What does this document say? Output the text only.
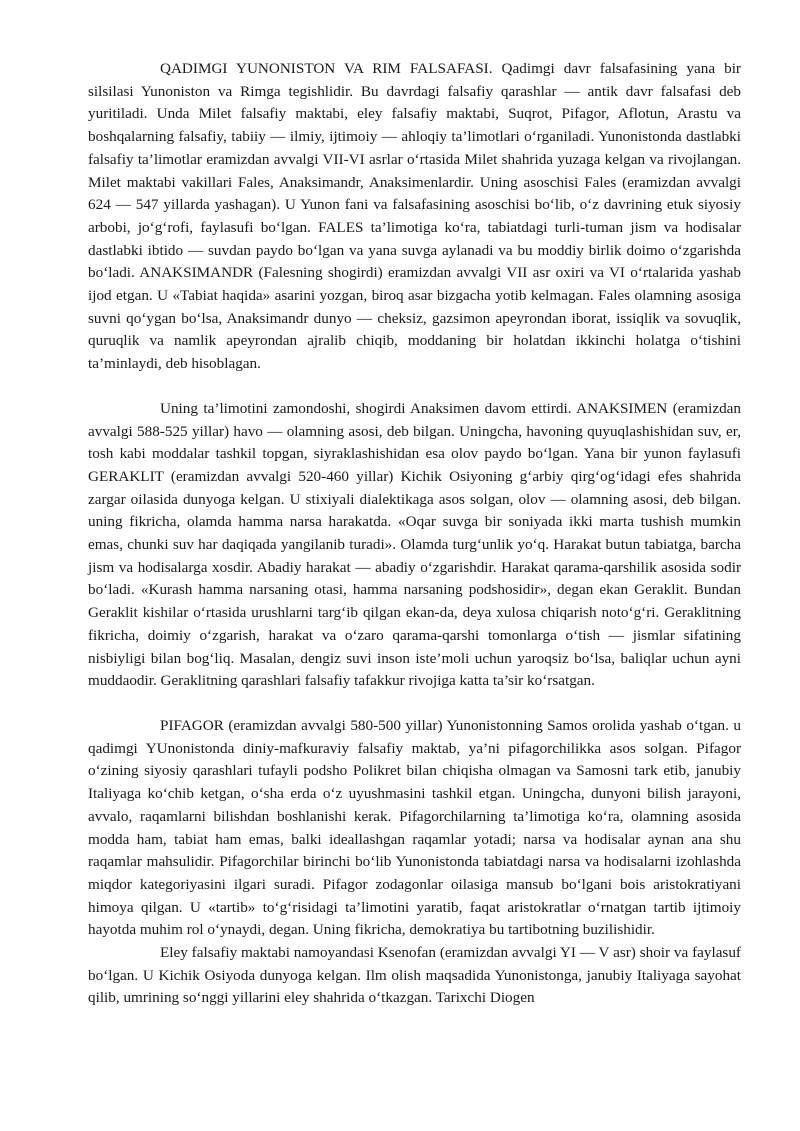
QADIMGI YUNONISTON VA RIM FALSAFASI. Qadimgi davr falsafasining yana bir silsilasi Yunoniston va Rimga tegishlidir. Bu davrdagi falsafiy qarashlar — antik davr falsafasi deb yuritiladi. Unda Milet falsafiy maktabi, eley falsafiy maktabi, Suqrot, Pifagor, Aflotun, Arastu va boshqalarning falsafiy, tabiiy — ilmiy, ijtimoiy — ahloqiy ta’limotlari o‘rganiladi. Yunonistonda dastlabki falsafiy ta’limotlar eramizdan avvalgi VII-VI asrlar o‘rtasida Milet shahrida yuzaga kelgan va rivojlangan. Milet maktabi vakillari Fales, Anaksimandr, Anaksimenlardir. Uning asoschisi Fales (eramizdan avvalgi 624 — 547 yillarda yashagan). U Yunon fani va falsafasining asoschisi bo‘lib, o‘z davrining etuk siyosiy arbobi, jo‘g‘rofi, faylasufi bo‘lgan. FALES ta’limotiga ko‘ra, tabiatdagi turli-tuman jism va hodisalar dastlabki ibtido — suvdan paydo bo‘lgan va yana suvga aylanadi va bu moddiy birlik doimo o‘zgarishda bo‘ladi. ANAKSIMANDR (Falesning shogirdi) eramizdan avvalgi VII asr oxiri va VI o‘rtalarida yashab ijod etgan. U «Tabiat haqida» asarini yozgan, biroq asar bizgacha yotib kelmagan. Fales olamning asosiga suvni qo‘ygan bo‘lsa, Anaksimandr dunyo — cheksiz, gazsimon apeyrondan iborat, issiqlik va sovuqlik, quruqlik va namlik apeyrondan ajralib chiqib, moddaning bir holatdan ikkinchi holatga o‘tishini ta’minlaydi, deb hisoblagan.

Uning ta’limotini zamondoshi, shogirdi Anaksimen davom ettirdi. ANAKSIMEN (eramizdan avvalgi 588-525 yillar) havo — olamning asosi, deb bilgan. Uningcha, havoning quyuqlashishidan suv, er, tosh kabi moddalar tashkil topgan, siyraklashishidan esa olov paydo bo‘lgan. Yana bir yunon faylasufi GERAKLIT (eramizdan avvalgi 520-460 yillar) Kichik Osiyoning g‘arbiy qirg‘og‘idagi efes shahrida zargar oilasida dunyoga kelgan. U stixiyali dialektikaga asos solgan, olov — olamning asosi, deb bilgan. uning fikricha, olamda hamma narsa harakatda. «Oqar suvga bir soniyada ikki marta tushish mumkin emas, chunki suv har daqiqada yangilanib turadi». Olamda turg‘unlik yo‘q. Harakat butun tabiatga, barcha jism va hodisalarga xosdir. Abadiy harakat — abadiy o‘zgarishdir. Harakat qarama-qarshilik asosida sodir bo‘ladi. «Kurash hamma narsaning otasi, hamma narsaning podshosidir», degan ekan Geraklit. Bundan Geraklit kishilar o‘rtasida urushlarni targ‘ib qilgan ekan-da, deya xulosa chiqarish noto‘g‘ri. Geraklitning fikricha, doimiy o‘zgarish, harakat va o‘zaro qarama-qarshi tomonlarga o‘tish — jismlar sifatining nisbiyligi bilan bog‘liq. Masalan, dengiz suvi inson iste’moli uchun yaroqsiz bo‘lsa, baliqlar uchun ayni muddaodir. Geraklitning qarashlari falsafiy tafakkur rivojiga katta ta’sir ko‘rsatgan.

PIFAGOR (eramizdan avvalgi 580-500 yillar) Yunonistonning Samos orolida yashab o‘tgan. u qadimgi YUnonistonda diniy-mafkuraviy falsafiy maktab, ya’ni pifagorchilikka asos solgan. Pifagor o‘zining siyosiy qarashlari tufayli podsho Polikret bilan chiqisha olmagan va Samosni tark etib, janubiy Italiyaga ko‘chib ketgan, o‘sha erda o‘z uyushmasini tashkil etgan. Uningcha, dunyoni bilish jarayoni, avvalo, raqamlarni bilishdan boshlanishi kerak. Pifagorchilarning ta’limotiga ko‘ra, olamning asosida modda ham, tabiat ham emas, balki ideallashgan raqamlar yotadi; narsa va hodisalar aynan ana shu raqamlar mahsulidir. Pifagorchilar birinchi bo‘lib Yunonistonda tabiatdagi narsa va hodisalarni izohlashda miqdor kategoriyasini ilgari suradi. Pifagor zodagonlar oilasiga mansub bo‘lgani bois aristokratiyani himoya qilgan. U «tartib» to‘g‘risidagi ta’limotini yaratib, faqat aristokratlar o‘rnatgan tartib ijtimoiy hayotda muhim rol o‘ynaydi, degan. Uning fikricha, demokratiya bu tartibotning buzilishidir.

Eley falsafiy maktabi namoyandasi Ksenofan (eramizdan avvalgi YI — V asr) shoir va faylasuf bo‘lgan. U Kichik Osiyoda dunyoga kelgan. Ilm olish maqsadida Yunonistonga, janubiy Italiyaga sayohat qilib, umrining so‘nggi yillarini eley shahrida o‘tkazgan. Tarixchi Diogen
